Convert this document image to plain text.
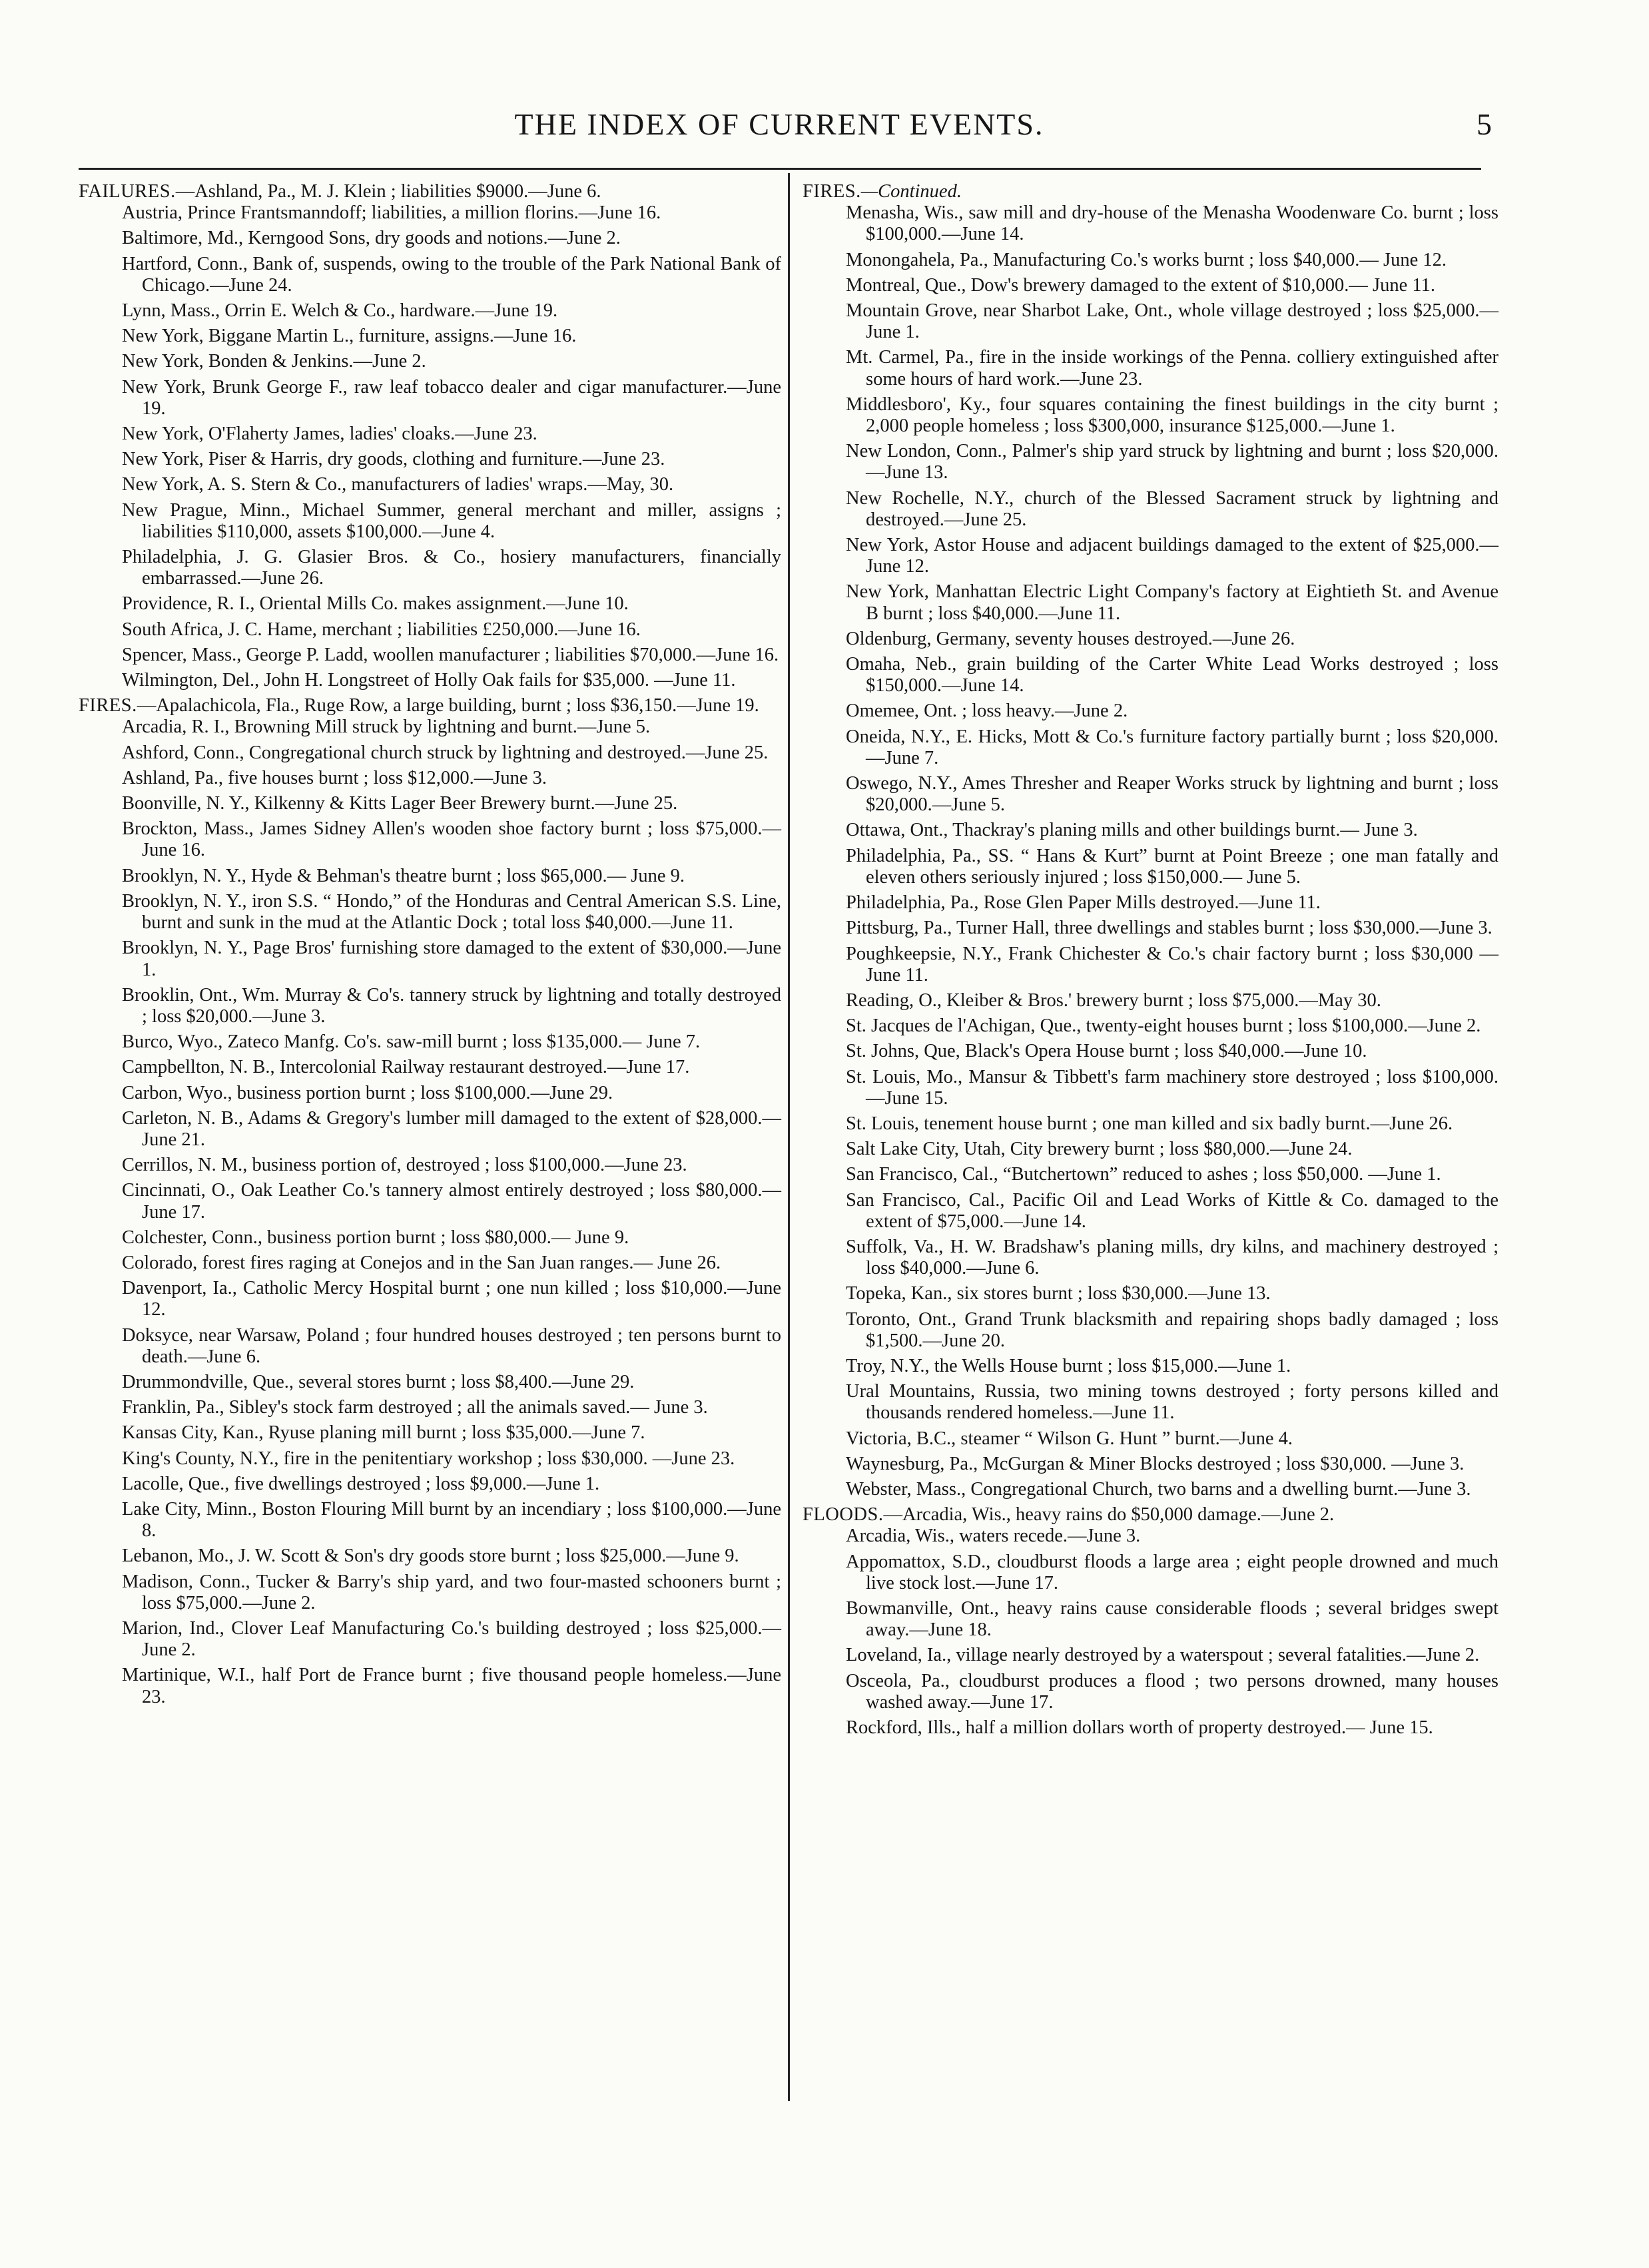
THE INDEX OF CURRENT EVENTS.	5
FAILURES.—Ashland, Pa., M. J. Klein ; liabilities $9000.—June 6.
Austria, Prince Frantsmanndoff; liabilities, a million florins.—June 16.
Baltimore, Md., Kerngood Sons, dry goods and notions.—June 2.
Hartford, Conn., Bank of, suspends, owing to the trouble of the Park National Bank of Chicago.—June 24.
Lynn, Mass., Orrin E. Welch & Co., hardware.—June 19.
New York, Biggane Martin L., furniture, assigns.—June 16.
New York, Bonden & Jenkins.—June 2.
New York, Brunk George F., raw leaf tobacco dealer and cigar manufacturer.—June 19.
New York, O'Flaherty James, ladies' cloaks.—June 23.
New York, Piser & Harris, dry goods, clothing and furniture.—June 23.
New York, A. S. Stern & Co., manufacturers of ladies' wraps.—May, 30.
New Prague, Minn., Michael Summer, general merchant and miller, assigns ; liabilities $110,000, assets $100,000.—June 4.
Philadelphia, J. G. Glasier Bros. & Co., hosiery manufacturers, financially embarrassed.—June 26.
Providence, R. I., Oriental Mills Co. makes assignment.—June 10.
South Africa, J. C. Hame, merchant ; liabilities £250,000.—June 16.
Spencer, Mass., George P. Ladd, woollen manufacturer ; liabilities $70,000.—June 16.
Wilmington, Del., John H. Longstreet of Holly Oak fails for $35,000. —June 11.
FIRES.—Apalachicola, Fla., Ruge Row, a large building, burnt ; loss $36,150.—June 19.
Arcadia, R. I., Browning Mill struck by lightning and burnt.—June 5.
Ashford, Conn., Congregational church struck by lightning and destroyed.—June 25.
Ashland, Pa., five houses burnt ; loss $12,000.—June 3.
Boonville, N. Y., Kilkenny & Kitts Lager Beer Brewery burnt.—June 25.
Brockton, Mass., James Sidney Allen's wooden shoe factory burnt ; loss $75,000.—June 16.
Brooklyn, N. Y., Hyde & Behman's theatre burnt ; loss $65,000.— June 9.
Brooklyn, N. Y., iron S.S. “ Hondo,” of the Honduras and Central American S.S. Line, burnt and sunk in the mud at the Atlantic Dock ; total loss $40,000.—June 11.
Brooklyn, N. Y., Page Bros' furnishing store damaged to the extent of $30,000.—June 1.
Brooklin, Ont., Wm. Murray & Co's. tannery struck by lightning and totally destroyed ; loss $20,000.—June 3.
Burco, Wyo., Zateco Manfg. Co's. saw-mill burnt ; loss $135,000.— June 7.
Campbellton, N. B., Intercolonial Railway restaurant destroyed.—June 17.
Carbon, Wyo., business portion burnt ; loss $100,000.—June 29.
Carleton, N. B., Adams & Gregory's lumber mill damaged to the extent of $28,000.—June 21.
Cerrillos, N. M., business portion of, destroyed ; loss $100,000.—June 23.
Cincinnati, O., Oak Leather Co.'s tannery almost entirely destroyed ; loss $80,000.—June 17.
Colchester, Conn., business portion burnt ; loss $80,000.— June 9.
Colorado, forest fires raging at Conejos and in the San Juan ranges.— June 26.
Davenport, Ia., Catholic Mercy Hospital burnt ; one nun killed ; loss $10,000.—June 12.
Doksyce, near Warsaw, Poland ; four hundred houses destroyed ; ten persons burnt to death.—June 6.
Drummondville, Que., several stores burnt ; loss $8,400.—June 29.
Franklin, Pa., Sibley's stock farm destroyed ; all the animals saved.— June 3.
Kansas City, Kan., Ryuse planing mill burnt ; loss $35,000.—June 7.
King's County, N.Y., fire in the penitentiary workshop ; loss $30,000. —June 23.
Lacolle, Que., five dwellings destroyed ; loss $9,000.—June 1.
Lake City, Minn., Boston Flouring Mill burnt by an incendiary ; loss $100,000.—June 8.
Lebanon, Mo., J. W. Scott & Son's dry goods store burnt ; loss $25,000.—June 9.
Madison, Conn., Tucker & Barry's ship yard, and two four-masted schooners burnt ; loss $75,000.—June 2.
Marion, Ind., Clover Leaf Manufacturing Co.'s building destroyed ; loss $25,000.—June 2.
Martinique, W.I., half Port de France burnt ; five thousand people homeless.—June 23.
FIRES.—Continued.
Menasha, Wis., saw mill and dry-house of the Menasha Woodenware Co. burnt ; loss $100,000.—June 14.
Monongahela, Pa., Manufacturing Co.'s works burnt ; loss $40,000.— June 12.
Montreal, Que., Dow's brewery damaged to the extent of $10,000.— June 11.
Mountain Grove, near Sharbot Lake, Ont., whole village destroyed ; loss $25,000.—June 1.
Mt. Carmel, Pa., fire in the inside workings of the Penna. colliery extinguished after some hours of hard work.—June 23.
Middlesboro', Ky., four squares containing the finest buildings in the city burnt ; 2,000 people homeless ; loss $300,000, insurance $125,000.—June 1.
New London, Conn., Palmer's ship yard struck by lightning and burnt ; loss $20,000.—June 13.
New Rochelle, N.Y., church of the Blessed Sacrament struck by lightning and destroyed.—June 25.
New York, Astor House and adjacent buildings damaged to the extent of $25,000.—June 12.
New York, Manhattan Electric Light Company's factory at Eightieth St. and Avenue B burnt ; loss $40,000.—June 11.
Oldenburg, Germany, seventy houses destroyed.—June 26.
Omaha, Neb., grain building of the Carter White Lead Works destroyed ; loss $150,000.—June 14.
Omemee, Ont. ; loss heavy.—June 2.
Oneida, N.Y., E. Hicks, Mott & Co.'s furniture factory partially burnt ; loss $20,000.—June 7.
Oswego, N.Y., Ames Thresher and Reaper Works struck by lightning and burnt ; loss $20,000.—June 5.
Ottawa, Ont., Thackray's planing mills and other buildings burnt.— June 3.
Philadelphia, Pa., SS. “ Hans & Kurt” burnt at Point Breeze ; one man fatally and eleven others seriously injured ; loss $150,000.— June 5.
Philadelphia, Pa., Rose Glen Paper Mills destroyed.—June 11.
Pittsburg, Pa., Turner Hall, three dwellings and stables burnt ; loss $30,000.—June 3.
Poughkeepsie, N.Y., Frank Chichester & Co.'s chair factory burnt ; loss $30,000 —June 11.
Reading, O., Kleiber & Bros.' brewery burnt ; loss $75,000.—May 30.
St. Jacques de l'Achigan, Que., twenty-eight houses burnt ; loss $100,000.—June 2.
St. Johns, Que, Black's Opera House burnt ; loss $40,000.—June 10.
St. Louis, Mo., Mansur & Tibbett's farm machinery store destroyed ; loss $100,000.—June 15.
St. Louis, tenement house burnt ; one man killed and six badly burnt.—June 26.
Salt Lake City, Utah, City brewery burnt ; loss $80,000.—June 24.
San Francisco, Cal., “Butchertown” reduced to ashes ; loss $50,000. —June 1.
San Francisco, Cal., Pacific Oil and Lead Works of Kittle & Co. damaged to the extent of $75,000.—June 14.
Suffolk, Va., H. W. Bradshaw's planing mills, dry kilns, and machinery destroyed ; loss $40,000.—June 6.
Topeka, Kan., six stores burnt ; loss $30,000.—June 13.
Toronto, Ont., Grand Trunk blacksmith and repairing shops badly damaged ; loss $1,500.—June 20.
Troy, N.Y., the Wells House burnt ; loss $15,000.—June 1.
Ural Mountains, Russia, two mining towns destroyed ; forty persons killed and thousands rendered homeless.—June 11.
Victoria, B.C., steamer “ Wilson G. Hunt ” burnt.—June 4.
Waynesburg, Pa., McGurgan & Miner Blocks destroyed ; loss $30,000. —June 3.
Webster, Mass., Congregational Church, two barns and a dwelling burnt.—June 3.
FLOODS.—Arcadia, Wis., heavy rains do $50,000 damage.—June 2.
Arcadia, Wis., waters recede.—June 3.
Appomattox, S.D., cloudburst floods a large area ; eight people drowned and much live stock lost.—June 17.
Bowmanville, Ont., heavy rains cause considerable floods ; several bridges swept away.—June 18.
Loveland, Ia., village nearly destroyed by a waterspout ; several fatalities.—June 2.
Osceola, Pa., cloudburst produces a flood ; two persons drowned, many houses washed away.—June 17.
Rockford, Ills., half a million dollars worth of property destroyed.— June 15.
